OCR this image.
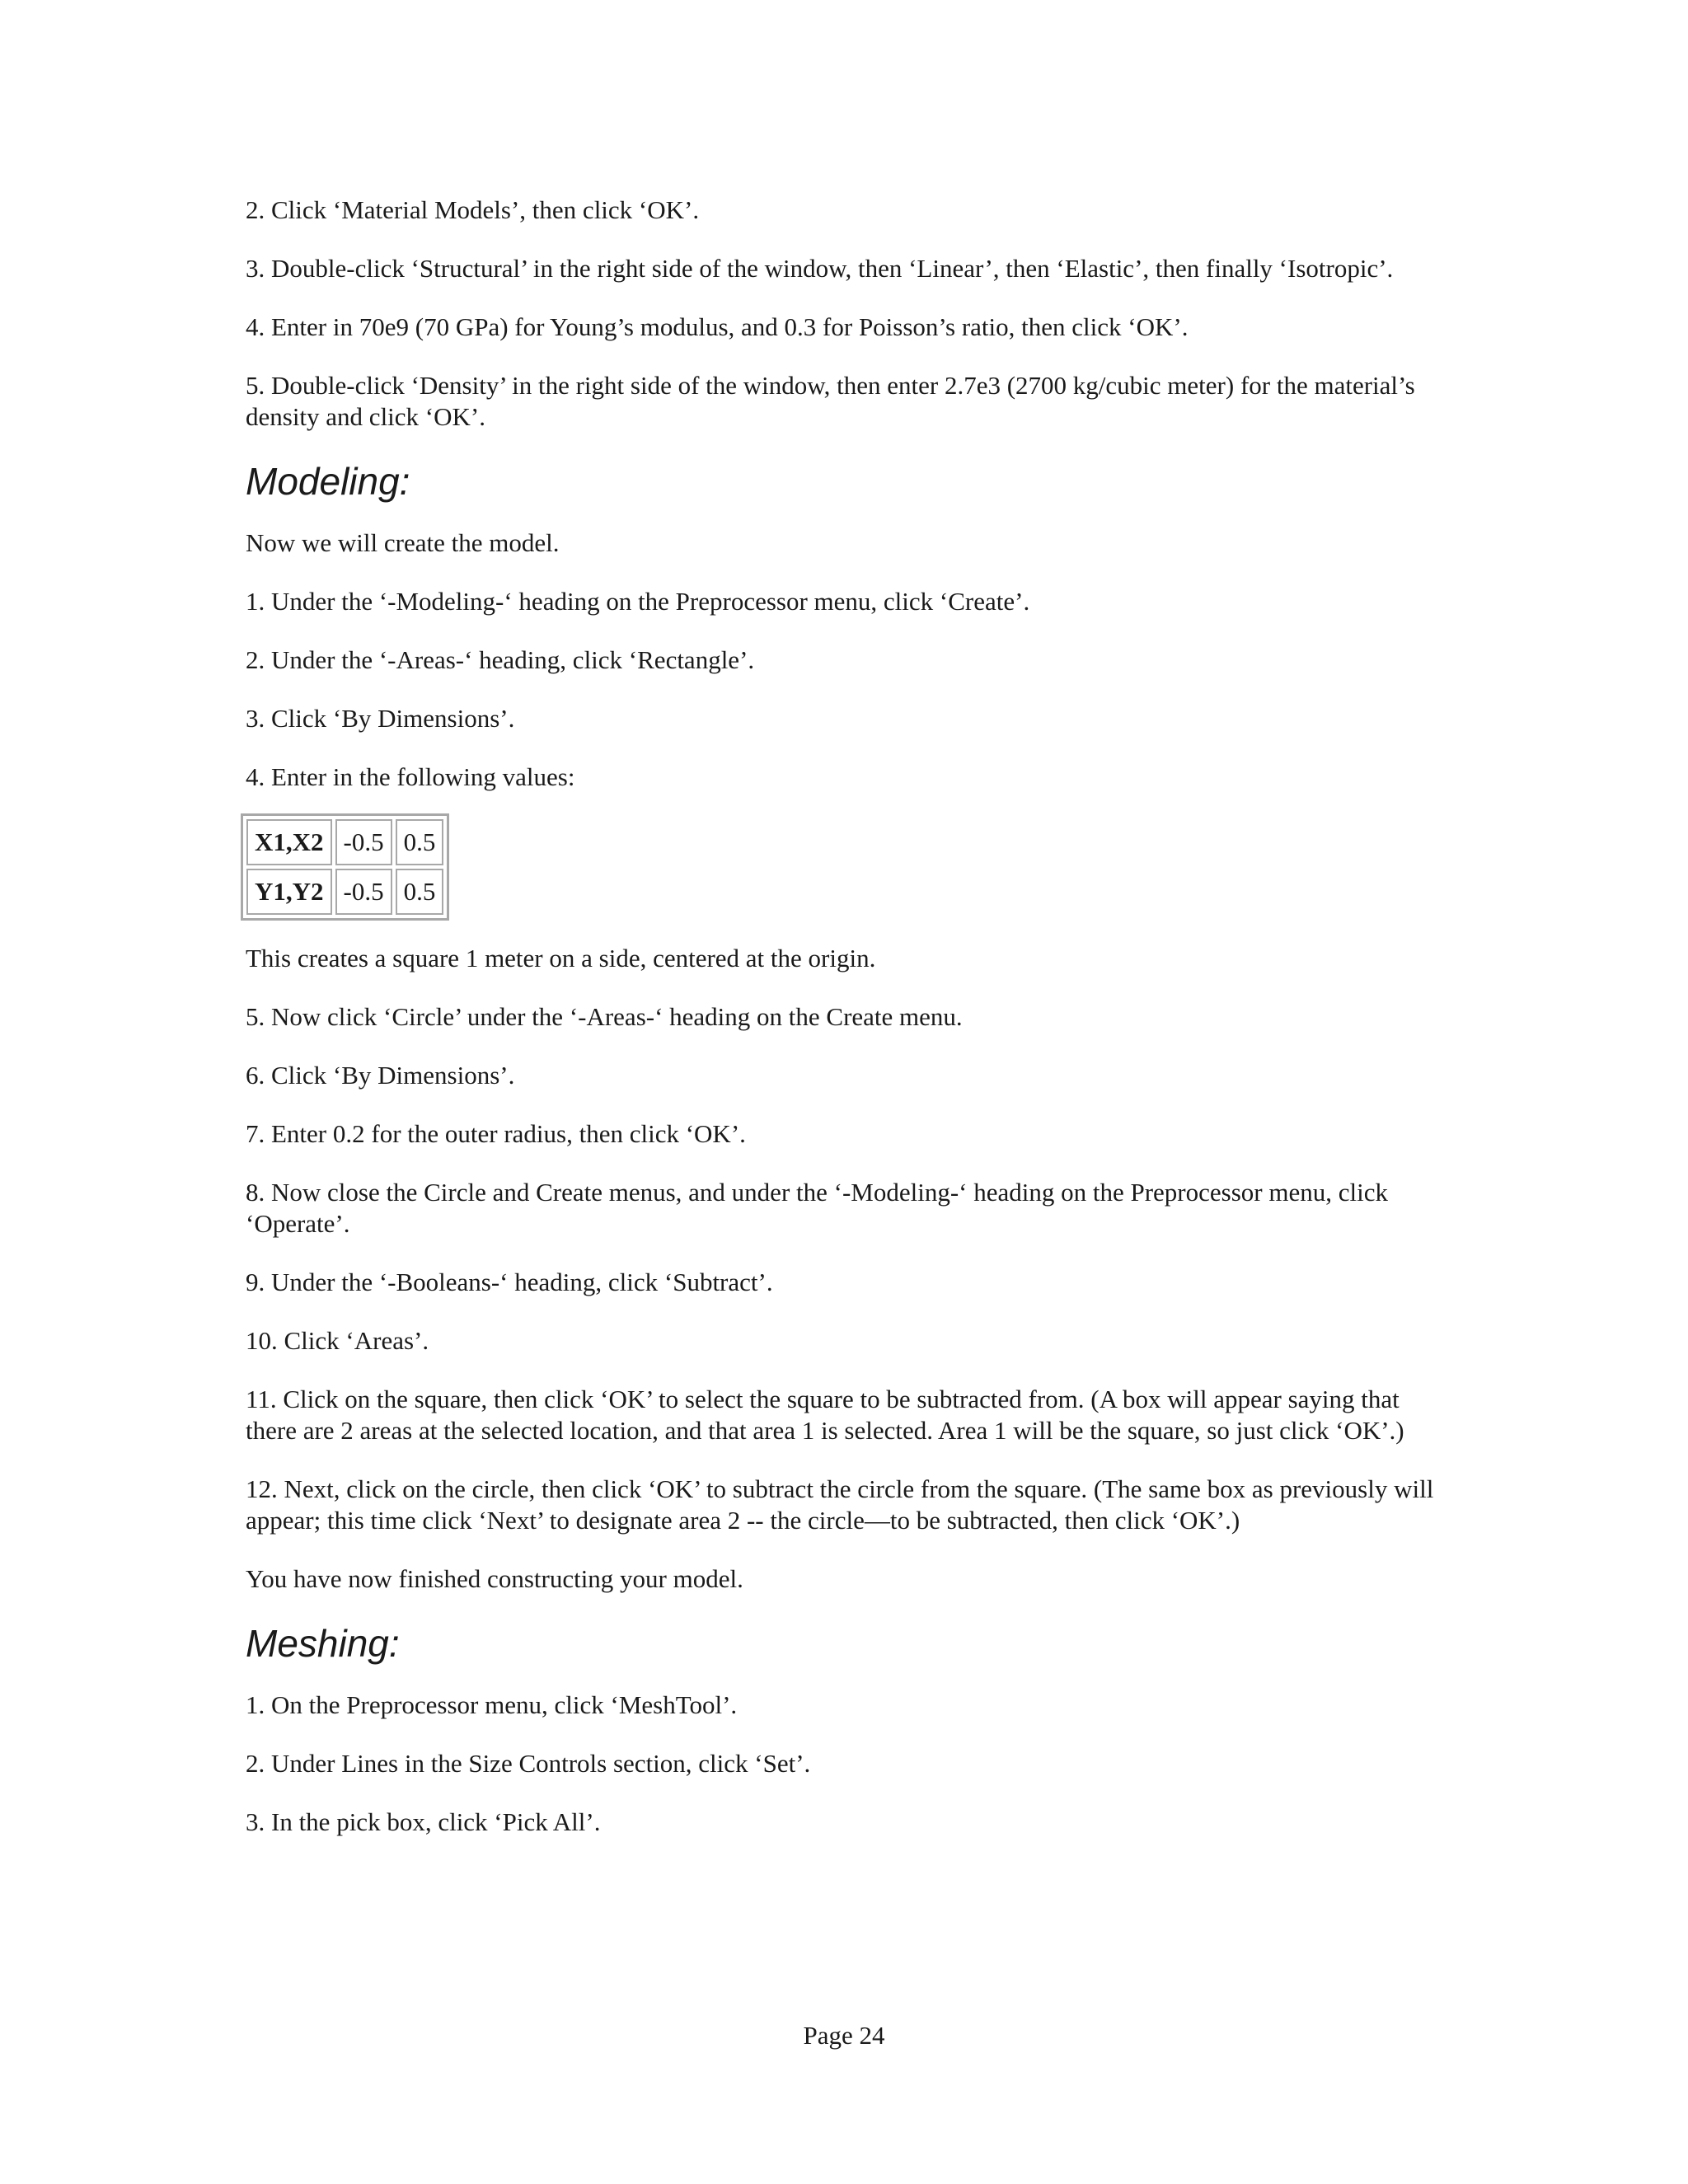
2. Click ‘Material Models’, then click ‘OK’.

3. Double-click ‘Structural’ in the right side of the window, then ‘Linear’, then ‘Elastic’, then finally ‘Isotropic’.

4. Enter in 70e9 (70 GPa) for Young’s modulus, and 0.3 for Poisson’s ratio, then click ‘OK’.

5. Double-click ‘Density’ in the right side of the window, then enter 2.7e3 (2700 kg/cubic meter) for the material’s density and click ‘OK’.

Modeling:

Now we will create the model.

1. Under the ‘-Modeling-‘ heading on the Preprocessor menu, click ‘Create’.

2. Under the ‘-Areas-‘ heading, click ‘Rectangle’.

3. Click ‘By Dimensions’.

4. Enter in the following values:

X1,X2	-0.5	0.5
Y1,Y2	-0.5	0.5

This creates a square 1 meter on a side, centered at the origin.

5. Now click ‘Circle’ under the ‘-Areas-‘ heading on the Create menu.

6. Click ‘By Dimensions’.

7. Enter 0.2 for the outer radius, then click ‘OK’.

8. Now close the Circle and Create menus, and under the ‘-Modeling-‘ heading on the Preprocessor menu, click ‘Operate’.

9. Under the ‘-Booleans-‘ heading, click ‘Subtract’.

10. Click ‘Areas’.

11. Click on the square, then click ‘OK’ to select the square to be subtracted from. (A box will appear saying that there are 2 areas at the selected location, and that area 1 is selected. Area 1 will be the square, so just click ‘OK’.)

12. Next, click on the circle, then click ‘OK’ to subtract the circle from the square. (The same box as previously will appear; this time click ‘Next’ to designate area 2 -- the circle—to be subtracted, then click ‘OK’.)

You have now finished constructing your model.

Meshing:

1. On the Preprocessor menu, click ‘MeshTool’.

2. Under Lines in the Size Controls section, click ‘Set’.

3. In the pick box, click ‘Pick All’.

Page 24
